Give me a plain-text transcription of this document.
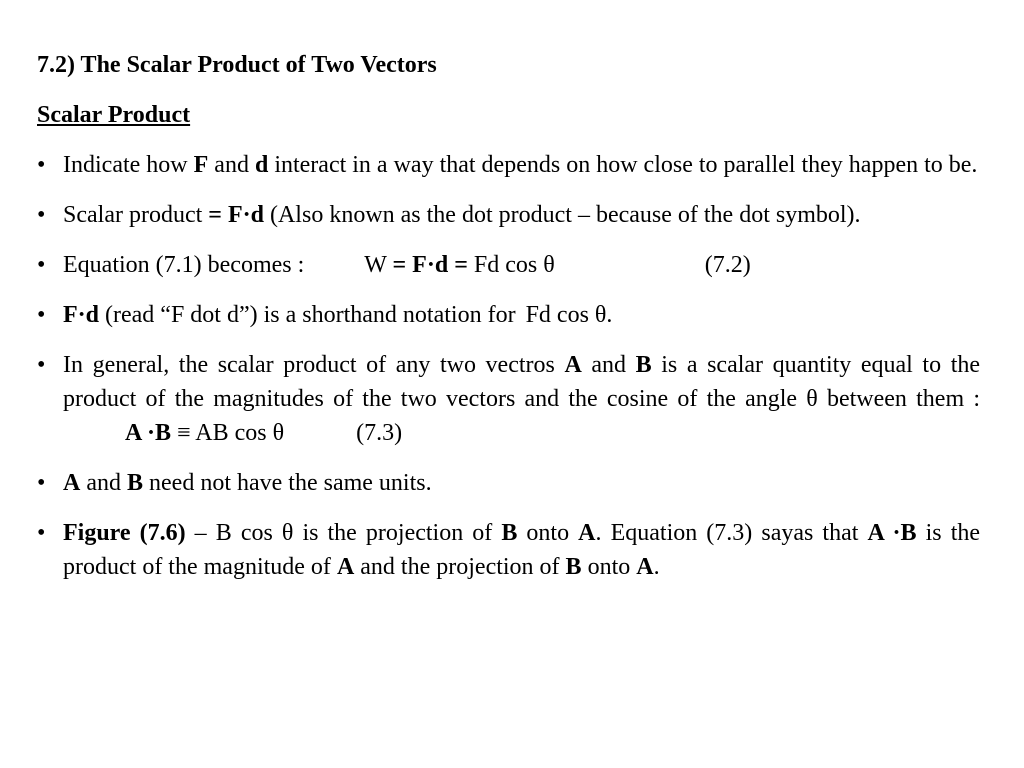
7.2) The Scalar Product of Two Vectors
Scalar Product
• Indicate how F and d interact in a way that depends on how close to parallel they happen to be.
• Scalar product = F·d (Also known as the dot product – because of the dot symbol).
• Equation (7.1) becomes :	W = F·d = Fd cos θ	(7.2)
• F·d (read “F dot d”) is a shorthand notation for Fd cos θ.
• In general, the scalar product of any two vectros A and B is a scalar quantity equal to the product of the magnitudes of the two vectors and the cosine of the angle θ between them :A ·B ≡ AB cos θ	(7.3)
• A and B need not have the same units.
• Figure (7.6) – B cos θ is the projection of B onto A. Equation (7.3) sayas that A ·B is the product of the magnitude of A and the projection of B onto A.
